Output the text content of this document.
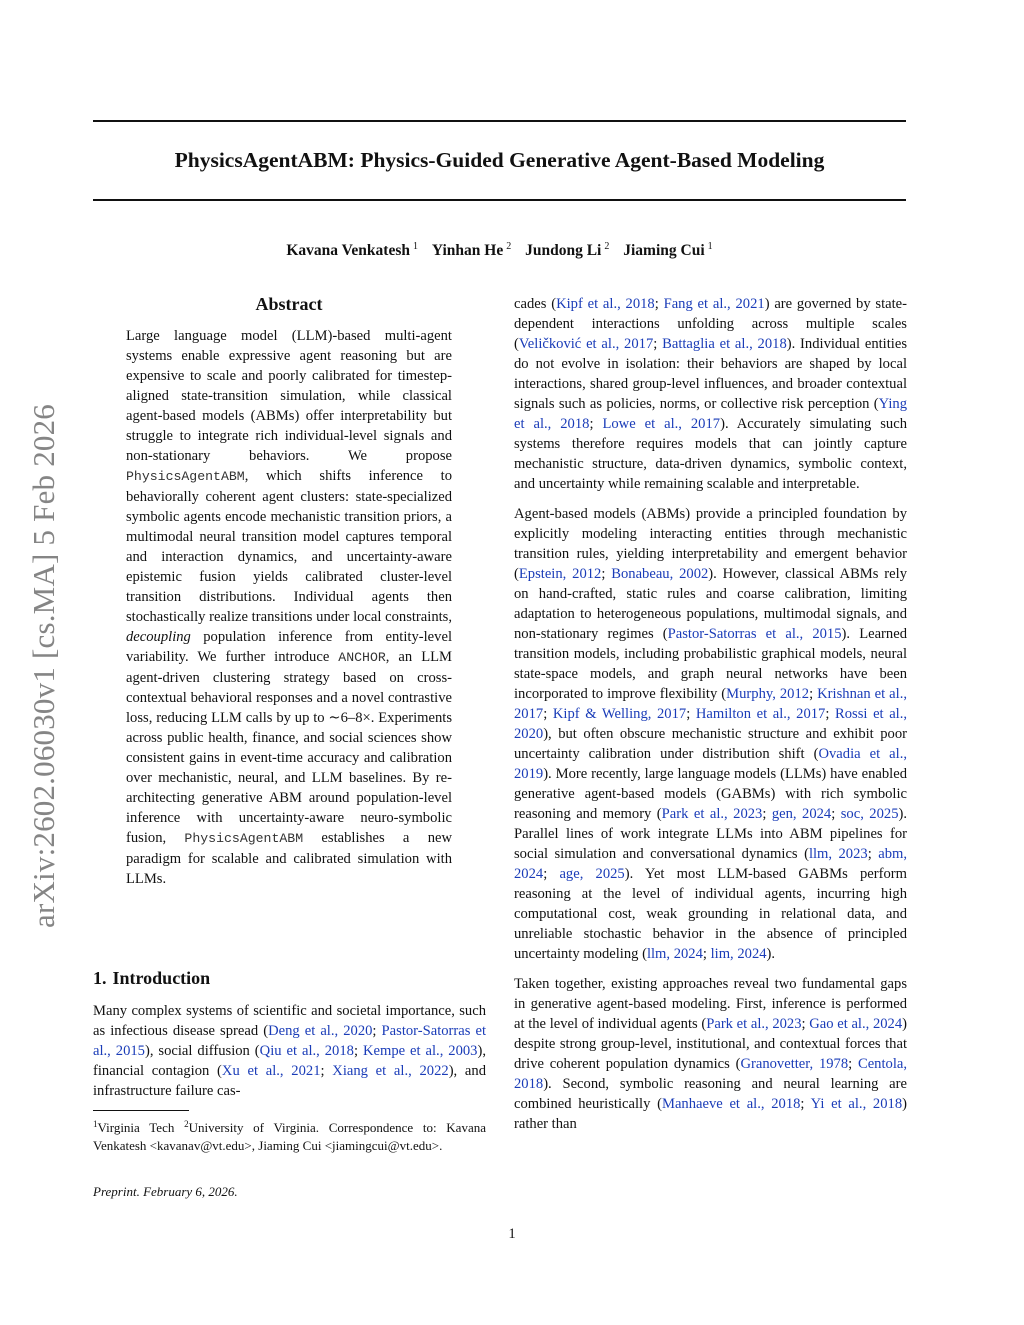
PhysicsAgentABM: Physics-Guided Generative Agent-Based Modeling
Kavana Venkatesh $^1$ Yinhan He $^2$ Jundong Li $^2$ Jiaming Cui $^1$
arXiv:2602.06030v1 [cs.MA] 5 Feb 2026
Abstract
Large language model (LLM)-based multi-agent systems enable expressive agent reasoning but are expensive to scale and poorly calibrated for timestep-aligned state-transition simulation, while classical agent-based models (ABMs) offer interpretability but struggle to integrate rich individual-level signals and non-stationary behaviors. We propose PhysicsAgentABM, which shifts inference to behaviorally coherent agent clusters: state-specialized symbolic agents encode mechanistic transition priors, a multimodal neural transition model captures temporal and interaction dynamics, and uncertainty-aware epistemic fusion yields calibrated cluster-level transition distributions. Individual agents then stochastically realize transitions under local constraints, decoupling population inference from entity-level variability. We further introduce ANCHOR, an LLM agent-driven clustering strategy based on cross-contextual behavioral responses and a novel contrastive loss, reducing LLM calls by up to ∼6–8×. Experiments across public health, finance, and social sciences show consistent gains in event-time accuracy and calibration over mechanistic, neural, and LLM baselines. By re-architecting generative ABM around population-level inference with uncertainty-aware neuro-symbolic fusion, PhysicsAgentABM establishes a new paradigm for scalable and calibrated simulation with LLMs.
1. Introduction
Many complex systems of scientific and societal importance, such as infectious disease spread (Deng et al., 2020; Pastor-Satorras et al., 2015), social diffusion (Qiu et al., 2018; Kempe et al., 2003), financial contagion (Xu et al., 2021; Xiang et al., 2022), and infrastructure failure cas-
$^1$Virginia Tech $^2$University of Virginia. Correspondence to: Kavana Venkatesh <kavanav@vt.edu>, Jiaming Cui <jiamingcui@vt.edu>.
Preprint. February 6, 2026.

cades (Kipf et al., 2018; Fang et al., 2021) are governed by state-dependent interactions unfolding across multiple scales (Veličković et al., 2017; Battaglia et al., 2018). Individual entities do not evolve in isolation: their behaviors are shaped by local interactions, shared group-level influences, and broader contextual signals such as policies, norms, or collective risk perception (Ying et al., 2018; Lowe et al., 2017). Accurately simulating such systems therefore requires models that can jointly capture mechanistic structure, data-driven dynamics, symbolic context, and uncertainty while remaining scalable and interpretable.

Agent-based models (ABMs) provide a principled foundation by explicitly modeling interacting entities through mechanistic transition rules, yielding interpretability and emergent behavior (Epstein, 2012; Bonabeau, 2002). However, classical ABMs rely on hand-crafted, static rules and coarse calibration, limiting adaptation to heterogeneous populations, multimodal signals, and non-stationary regimes (Pastor-Satorras et al., 2015). Learned transition models, including probabilistic graphical models, neural state-space models, and graph neural networks have been incorporated to improve flexibility (Murphy, 2012; Krishnan et al., 2017; Kipf & Welling, 2017; Hamilton et al., 2017; Rossi et al., 2020), but often obscure mechanistic structure and exhibit poor uncertainty calibration under distribution shift (Ovadia et al., 2019). More recently, large language models (LLMs) have enabled generative agent-based models (GABMs) with rich symbolic reasoning and memory (Park et al., 2023; gen, 2024; soc, 2025). Parallel lines of work integrate LLMs into ABM pipelines for social simulation and conversational dynamics (llm, 2023; abm, 2024; age, 2025). Yet most LLM-based GABMs perform reasoning at the level of individual agents, incurring high computational cost, weak grounding in relational data, and unreliable stochastic behavior in the absence of principled uncertainty modeling (llm, 2024; lim, 2024).

Taken together, existing approaches reveal two fundamental gaps in generative agent-based modeling. First, inference is performed at the level of individual agents (Park et al., 2023; Gao et al., 2024) despite strong group-level, institutional, and contextual forces that drive coherent population dynamics (Granovetter, 1978; Centola, 2018). Second, symbolic reasoning and neural learning are combined heuristically (Manhaeve et al., 2018; Yi et al., 2018) rather than

1
